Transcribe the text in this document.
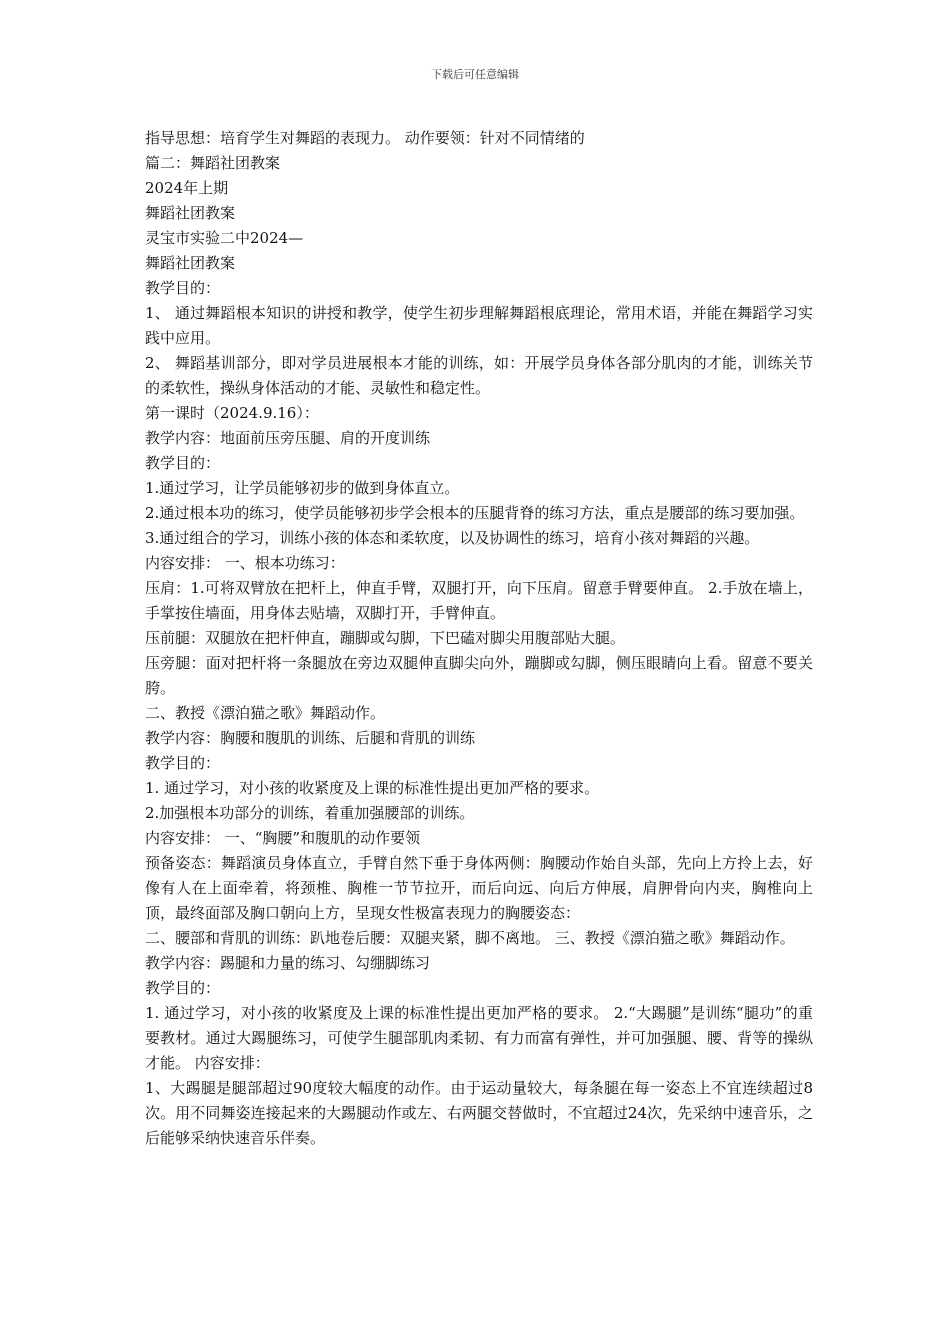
下载后可任意编辑

指导思想：培育学生对舞蹈的表现力。 动作要领：针对不同情绪的

篇二：舞蹈社团教案

2024年上期

舞蹈社团教案

灵宝市实验二中2024—

舞蹈社团教案

教学目的：

1、 通过舞蹈根本知识的讲授和教学，使学生初步理解舞蹈根底理论，常用术语，并能在舞蹈学习实践中应用。

2、 舞蹈基训部分，即对学员进展根本才能的训练，如：开展学员身体各部分肌肉的才能，训练关节的柔软性，操纵身体活动的才能、灵敏性和稳定性。

第一课时（2024.9.16）：

教学内容：地面前压旁压腿、肩的开度训练

教学目的：

1.通过学习，让学员能够初步的做到身体直立。

2.通过根本功的练习，使学员能够初步学会根本的压腿背脊的练习方法，重点是腰部的练习要加强。

3.通过组合的学习，训练小孩的体态和柔软度，以及协调性的练习，培育小孩对舞蹈的兴趣。

内容安排： 一、根本功练习：

压肩：1.可将双臂放在把杆上，伸直手臂，双腿打开，向下压肩。留意手臂要伸直。 2.手放在墙上，手掌按住墙面，用身体去贴墙，双脚打开，手臂伸直。

压前腿：双腿放在把杆伸直，蹦脚或勾脚，下巴磕对脚尖用腹部贴大腿。

压旁腿：面对把杆将一条腿放在旁边双腿伸直脚尖向外，蹦脚或勾脚，侧压眼睛向上看。留意不要关胯。

二、教授《漂泊猫之歌》舞蹈动作。

教学内容：胸腰和腹肌的训练、后腿和背肌的训练

教学目的：

1. 通过学习，对小孩的收紧度及上课的标准性提出更加严格的要求。

2.加强根本功部分的训练，着重加强腰部的训练。

内容安排： 一、“胸腰”和腹肌的动作要领

预备姿态：舞蹈演员身体直立，手臂自然下垂于身体两侧：胸腰动作始自头部，先向上方拎上去，好像有人在上面牵着，将颈椎、胸椎一节节拉开，而后向远、向后方伸展，肩胛骨向内夹，胸椎向上顶，最终面部及胸口朝向上方，呈现女性极富表现力的胸腰姿态：

二、腰部和背肌的训练：趴地卷后腰：双腿夹紧，脚不离地。 三、教授《漂泊猫之歌》舞蹈动作。

教学内容：踢腿和力量的练习、勾绷脚练习

教学目的：

1. 通过学习，对小孩的收紧度及上课的标准性提出更加严格的要求。 2.“大踢腿”是训练“腿功”的重要教材。通过大踢腿练习，可使学生腿部肌肉柔韧、有力而富有弹性，并可加强腿、腰、背等的操纵才能。 内容安排：

1、大踢腿是腿部超过90度较大幅度的动作。由于运动量较大，每条腿在每一姿态上不宜连续超过8次。用不同舞姿连接起来的大踢腿动作或左、右两腿交替做时，不宜超过24次，先采纳中速音乐，之后能够采纳快速音乐伴奏。
